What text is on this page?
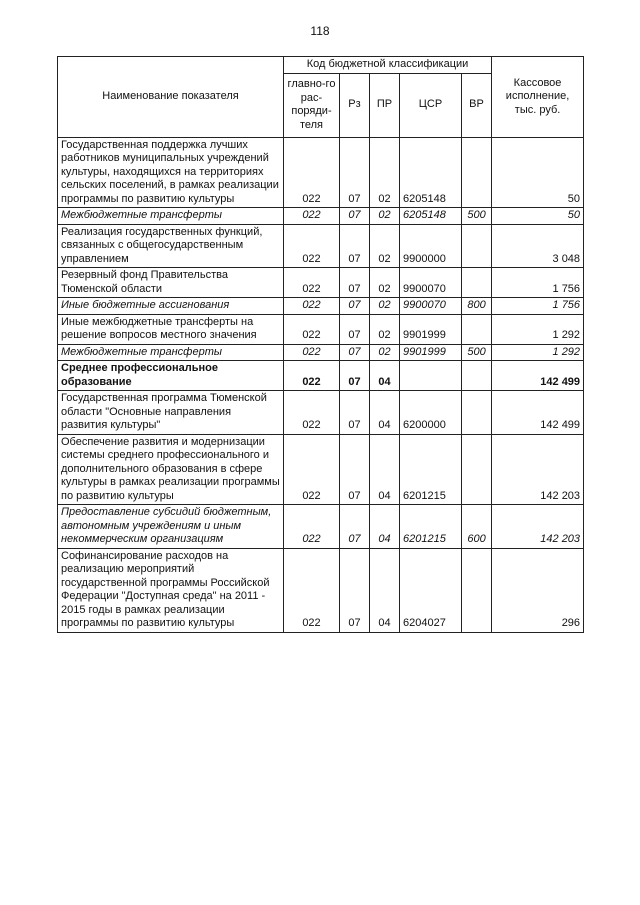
118
Наименование показателя	Код бюджетной классификации					Кассовое исполнение, тыс. руб.
	главно-го рас-поряди-теля	Рз	ПР	ЦСР	ВР	
Государственная поддержка лучших работников муниципальных учреждений культуры, находящихся на территориях сельских поселений, в рамках реализации программы по развитию культуры	022	07	02	6205148		50
Межбюджетные трансферты	022	07	02	6205148	500	50
Реализация государственных функций, связанных с общегосударственным управлением	022	07	02	9900000		3 048
Резервный фонд Правительства Тюменской области	022	07	02	9900070		1 756
Иные бюджетные ассигнования	022	07	02	9900070	800	1 756
Иные межбюджетные трансферты на решение вопросов местного значения	022	07	02	9901999		1 292
Межбюджетные трансферты	022	07	02	9901999	500	1 292
Среднее профессиональное образование	022	07	04			142 499
Государственная программа Тюменской области "Основные направления развития культуры"	022	07	04	6200000		142 499
Обеспечение развития и модернизации системы среднего профессионального и дополнительного образования в сфере культуры в рамках реализации программы по развитию культуры	022	07	04	6201215		142 203
Предоставление субсидий бюджетным, автономным учреждениям и иным некоммерческим организациям	022	07	04	6201215	600	142 203
Софинансирование расходов на реализацию мероприятий государственной программы Российской Федерации "Доступная среда" на 2011 - 2015 годы в рамках реализации программы по развитию культуры	022	07	04	6204027		296
